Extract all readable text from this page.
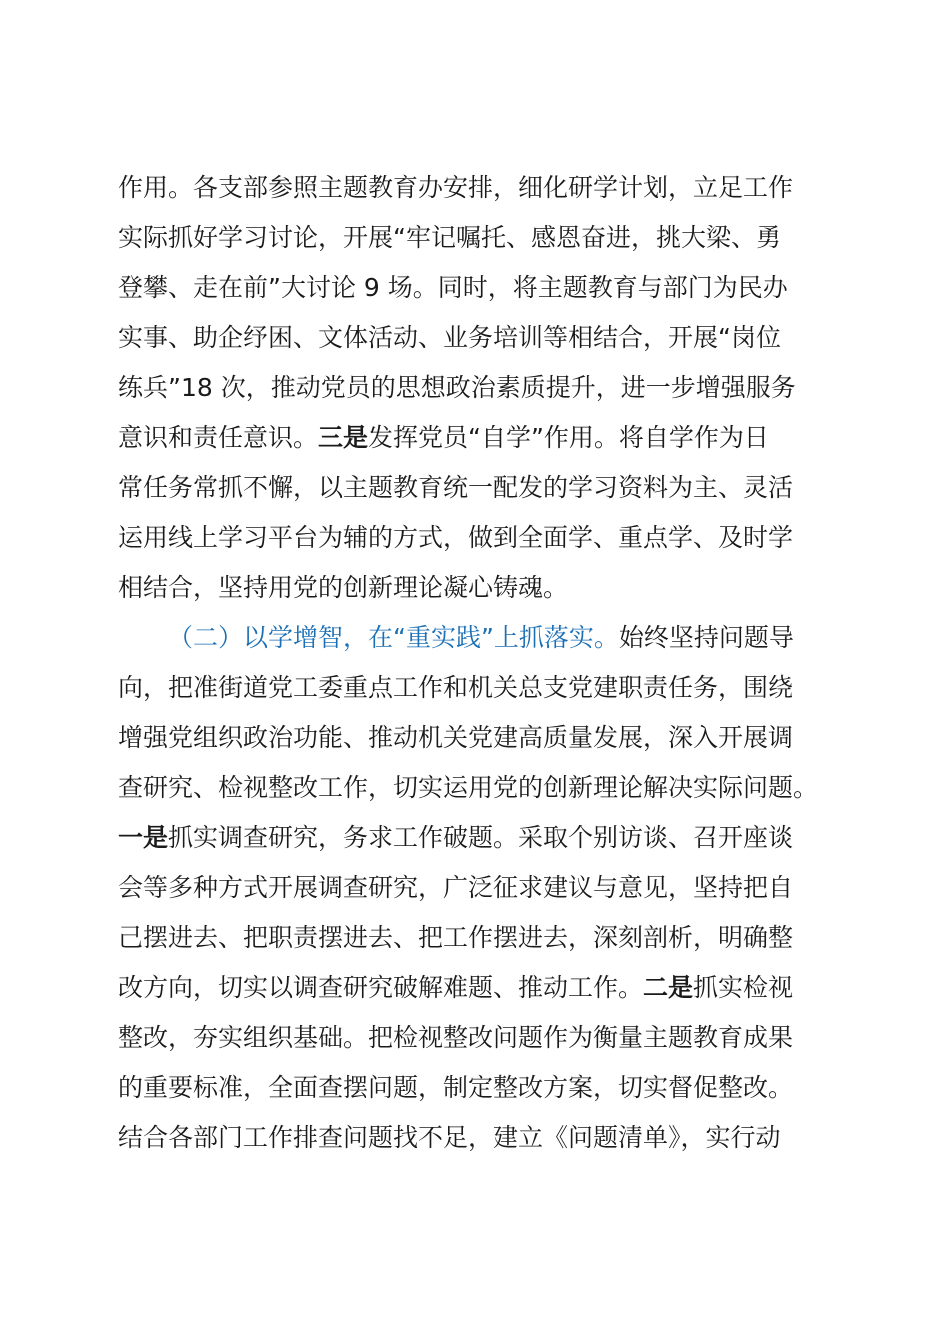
作用。各支部参照主题教育办安排，细化研学计划，立足工作
实际抓好学习讨论，开展“牢记嘱托、感恩奋进，挑大梁、勇
登攀、走在前”大讨论 9 场。同时，将主题教育与部门为民办
实事、助企纾困、文体活动、业务培训等相结合，开展“岗位
练兵”18 次，推动党员的思想政治素质提升，进一步增强服务
意识和责任意识。三是发挥党员“自学”作用。将自学作为日
常任务常抓不懈，以主题教育统一配发的学习资料为主、灵活
运用线上学习平台为辅的方式，做到全面学、重点学、及时学
相结合，坚持用党的创新理论凝心铸魂。
（二）以学增智，在“重实践”上抓落实。始终坚持问题导
向，把准街道党工委重点工作和机关总支党建职责任务，围绕
增强党组织政治功能、推动机关党建高质量发展，深入开展调
查研究、检视整改工作，切实运用党的创新理论解决实际问题。
一是抓实调查研究，务求工作破题。采取个别访谈、召开座谈
会等多种方式开展调查研究，广泛征求建议与意见，坚持把自
己摆进去、把职责摆进去、把工作摆进去，深刻剖析，明确整
改方向，切实以调查研究破解难题、推动工作。二是抓实检视
整改，夯实组织基础。把检视整改问题作为衡量主题教育成果
的重要标准，全面查摆问题，制定整改方案，切实督促整改。
结合各部门工作排查问题找不足，建立《问题清单》，实行动
